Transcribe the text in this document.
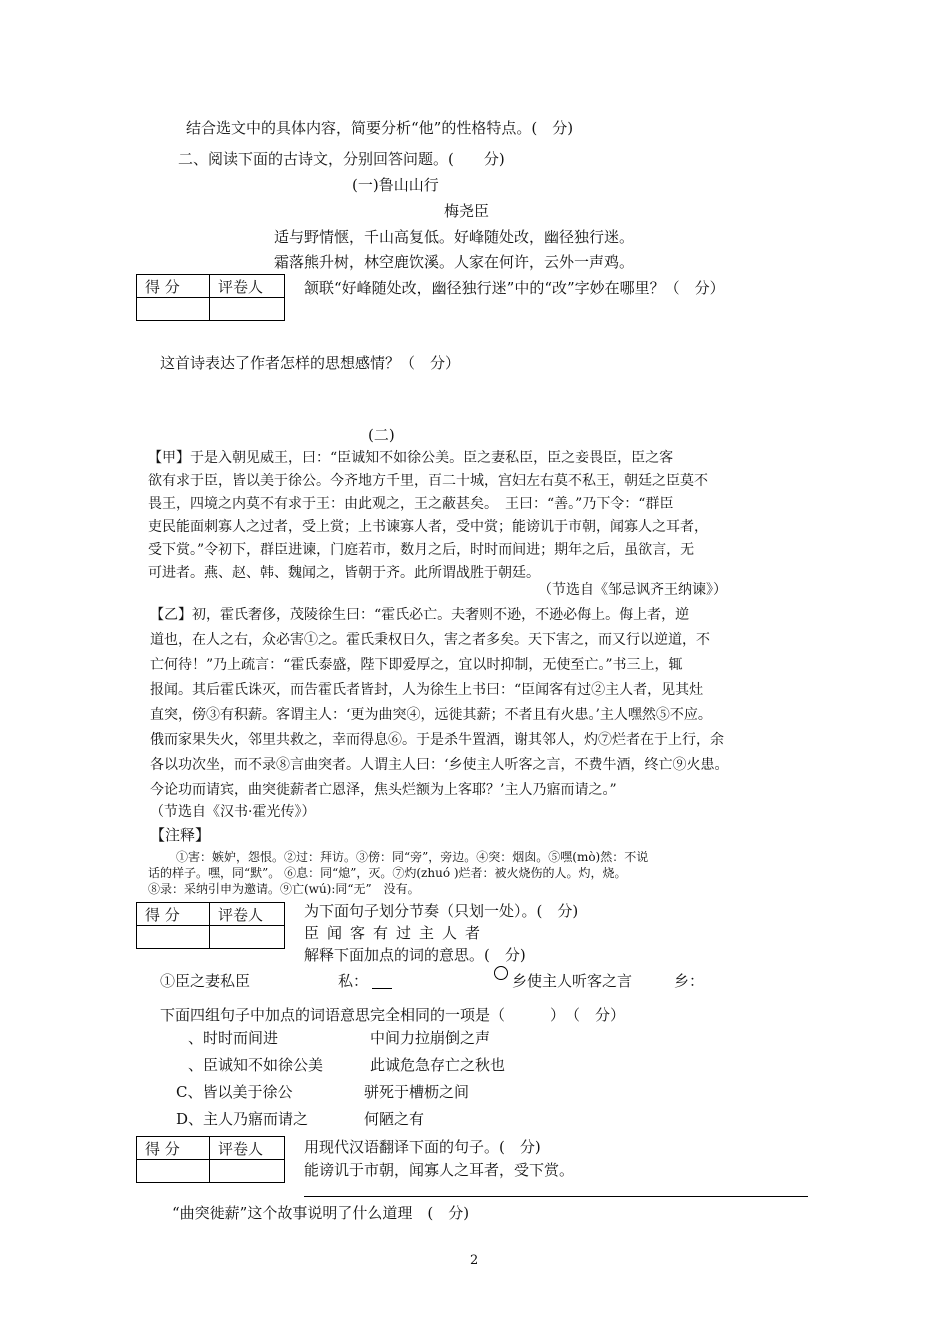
结合选文中的具体内容，简要分析“他”的性格特点。(　分)
二、阅读下面的古诗文，分别回答问题。(　　分)
(一)鲁山山行
梅尧臣
适与野情惬，千山高复低。好峰随处改，幽径独行迷。
霜落熊升树，林空鹿饮溪。人家在何许，云外一声鸡。
得 分	评卷人
		颔联“好峰随处改，幽径独行迷”中的“改”字妙在哪里？（　分）
这首诗表达了作者怎样的思想感情？（　分）
(二)
【甲】于是入朝见威王，曰：“臣诚知不如徐公美。臣之妻私臣，臣之妾畏臣，臣之客
欲有求于臣，皆以美于徐公。今齐地方千里，百二十城，宫妇左右莫不私王，朝廷之臣莫不
畏王，四境之内莫不有求于王：由此观之，王之蔽甚矣。　王曰：“善。”乃下令：“群臣
吏民能面刺寡人之过者，受上赏；上书谏寡人者，受中赏；能谤讥于市朝，闻寡人之耳者，
受下赏。”令初下，群臣进谏，门庭若市，数月之后，时时而间进；期年之后，虽欲言，无
可进者。燕、赵、韩、魏闻之，皆朝于齐。此所谓战胜于朝廷。
（节选自《邹忌讽齐王纳谏》）
【乙】初，霍氏奢侈，茂陵徐生曰：“霍氏必亡。夫奢则不逊，不逊必侮上。侮上者，逆
道也，在人之右，众必害①之。霍氏秉权日久，害之者多矣。天下害之，而又行以逆道，不
亡何待！”乃上疏言：“霍氏泰盛，陛下即爱厚之，宜以时抑制，无使至亡。”书三上，辄
报闻。其后霍氏诛灭，而告霍氏者皆封，人为徐生上书曰：“臣闻客有过②主人者，见其灶
直突，傍③有积薪。客谓主人：‘更为曲突④，远徙其薪；不者且有火患。’主人嘿然⑤不应。
俄而家果失火，邻里共救之，幸而得息⑥。于是杀牛置酒，谢其邻人，灼⑦烂者在于上行，余
各以功次坐，而不录⑧言曲突者。人谓主人曰：‘乡使主人听客之言，不费牛酒，终亡⑨火患。
今论功而请宾，曲突徙薪者亡恩泽，焦头烂额为上客耶？’主人乃寤而请之。”
（节选自《汉书·霍光传》）
【注释】
①害：嫉妒，怨恨。②过：拜访。③傍：同“旁”，旁边。④突：烟囱。⑤嘿(mò)然：不说
话的样子。嘿，同“默”。 ⑥息：同“熄”，灭。⑦灼(zhuó )烂者：被火烧伤的人。灼，烧。
⑧录：采纳引申为邀请。⑨亡(wú):同“无”　没有。
得 分	评卷人
		为下面句子划分节奏（只划一处）。(　分)
臣闻客有过主人者
解释下面加点的词的意思。(　分)
①臣之妻私臣	私：	乡使主人听客之言	乡：
下面四组句子中加点的词语意思完全相同的一项是（　　　）　（　分）
、时时而间进	中间力拉崩倒之声
、臣诚知不如徐公美	此诚危急存亡之秋也
C、皆以美于徐公	骈死于槽枥之间
D、主人乃寤而请之	何陋之有
得 分	评卷人
		用现代汉语翻译下面的句子。(　分)
能谤讥于市朝，闻寡人之耳者，受下赏。
“曲突徙薪”这个故事说明了什么道理　(　分)
2
